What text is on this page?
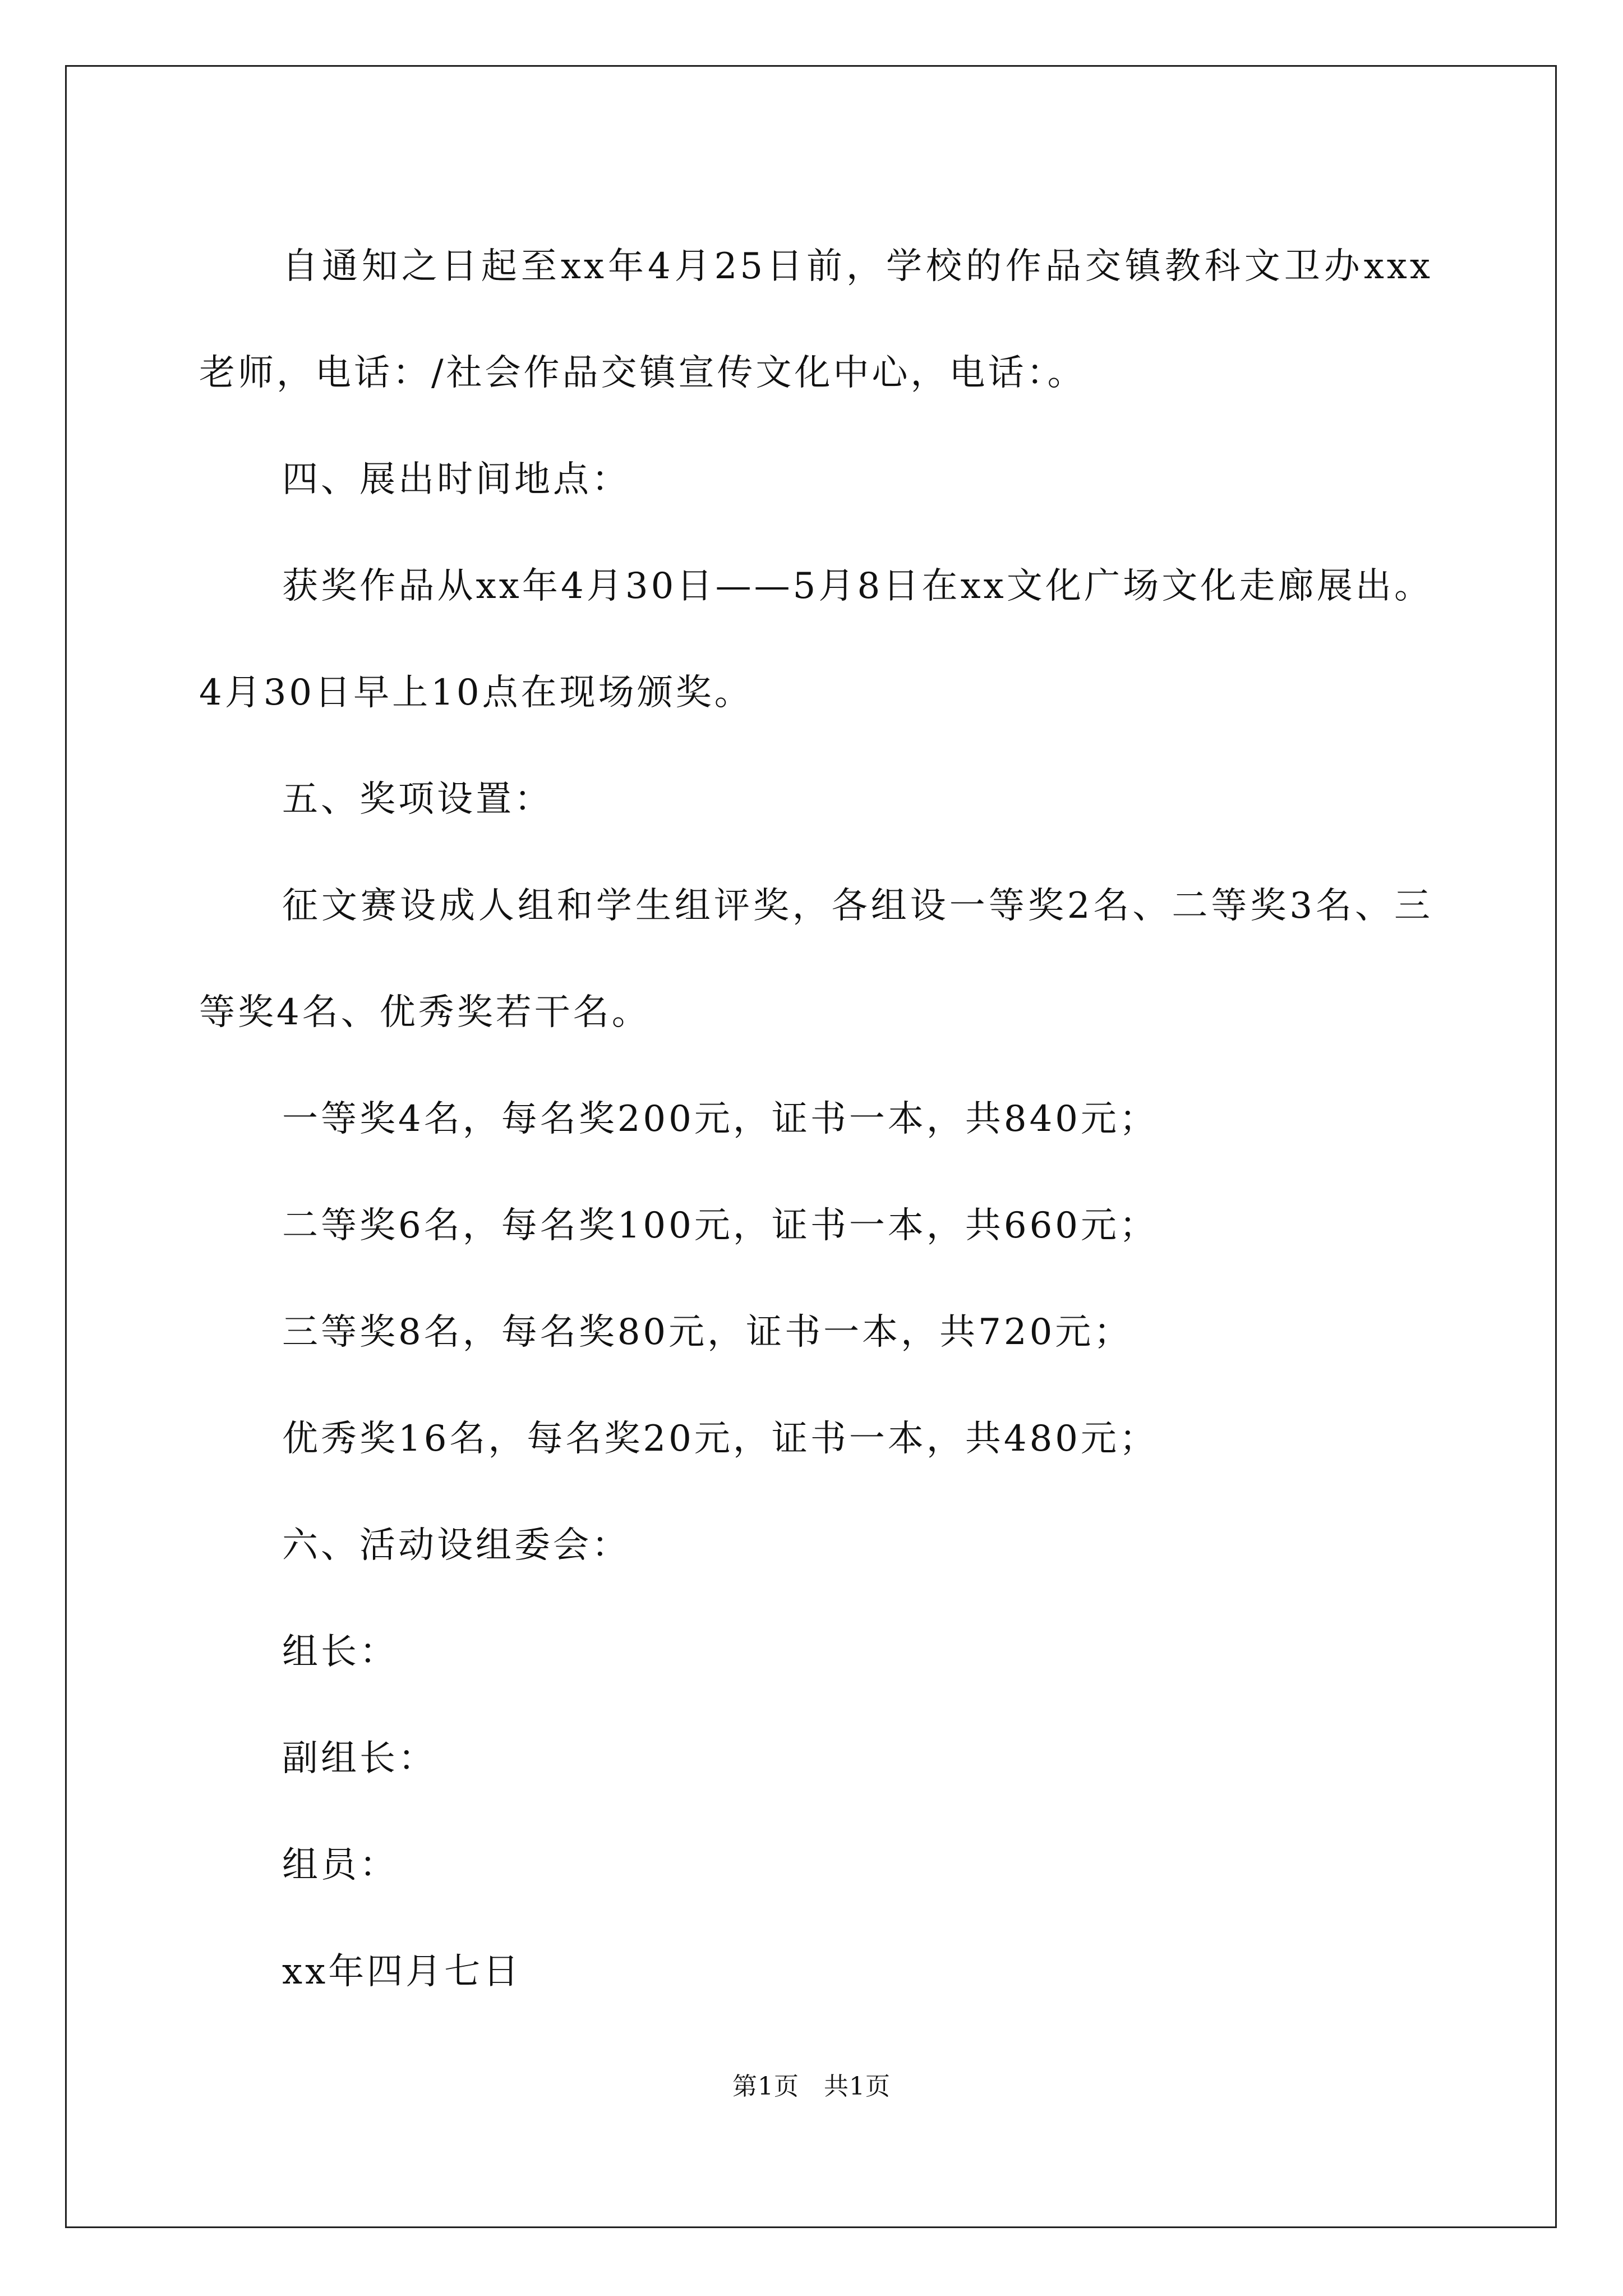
自通知之日起至xx年4月25日前，学校的作品交镇教科文卫办xxx老师，电话：/社会作品交镇宣传文化中心，电话：。

四、展出时间地点：

获奖作品从xx年4月30日——5月8日在xx文化广场文化走廊展出。4月30日早上10点在现场颁奖。

五、奖项设置：

征文赛设成人组和学生组评奖，各组设一等奖2名、二等奖3名、三等奖4名、优秀奖若干名。

一等奖4名，每名奖200元，证书一本，共840元；

二等奖6名，每名奖100元，证书一本，共660元；

三等奖8名，每名奖80元，证书一本，共720元；

优秀奖16名，每名奖20元，证书一本，共480元；

六、活动设组委会：

组长：

副组长：

组员：

xx年四月七日

第1页 共1页
